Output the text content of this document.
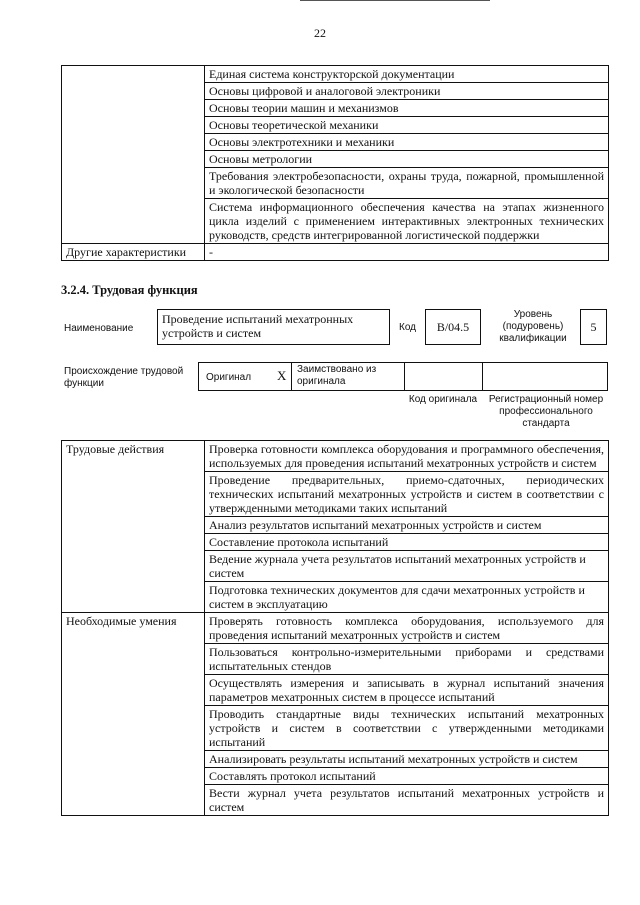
22
	Единая система конструкторской документации
	Основы цифровой и аналоговой электроники
	Основы теории машин и механизмов
	Основы теоретической механики
	Основы электротехники и механики
	Основы метрологии
	Требования электробезопасности, охраны труда, пожарной, промышленной и экологической безопасности
	Система информационного обеспечения качества на этапах жизненного цикла изделий с применением интерактивных электронных технических руководств, средств интегрированной логистической поддержки
Другие характеристики	-
3.2.4. Трудовая функция
Наименование
Проведение испытаний мехатронных устройств и систем	Код	B/04.5
Уровень (подуровень) квалификации
5
Происхождение трудовой функции
Оригинал X Заимствовано из оригинала
Код оригинала	Регистрационный номер профессионального стандарта
Трудовые действия	Проверка готовности комплекса оборудования и программного обеспечения, используемых для проведения испытаний мехатронных устройств и систем
	Проведение предварительных, приемо-сдаточных, периодических технических испытаний мехатронных устройств и систем в соответствии с утвержденными методиками таких испытаний
	Анализ результатов испытаний мехатронных устройств и систем
	Составление протокола испытаний
	Ведение журнала учета результатов испытаний мехатронных устройств и систем
	Подготовка технических документов для сдачи мехатронных устройств и систем в эксплуатацию
Необходимые умения	Проверять готовность комплекса оборудования, используемого для проведения испытаний мехатронных устройств и систем
	Пользоваться контрольно-измерительными приборами и средствами испытательных стендов
	Осуществлять измерения и записывать в журнал испытаний значения параметров мехатронных систем в процессе испытаний
	Проводить стандартные виды технических испытаний мехатронных устройств и систем в соответствии с утвержденными методиками испытаний
	Анализировать результаты испытаний мехатронных устройств и систем
	Составлять протокол испытаний
	Вести журнал учета результатов испытаний мехатронных устройств и систем
